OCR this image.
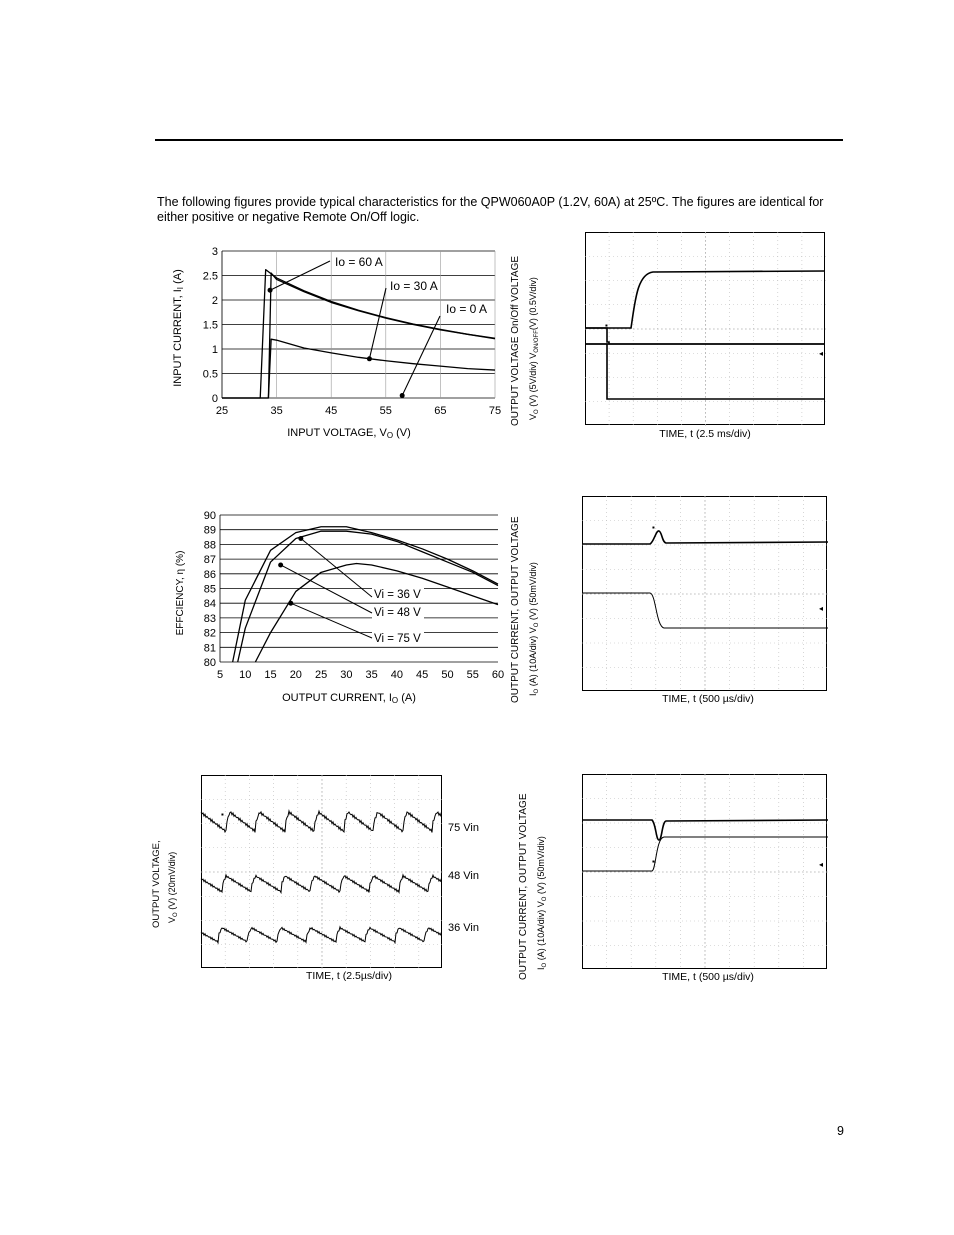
The following figures provide typical characteristics for the QPW060A0P (1.2V, 60A) at 25ºC. The figures are identical for either positive or negative Remote On/Off logic.
0
0.5
1
1.5
2
2.5
3
25	35	45	55	65	75
Io = 60 A
Io = 30 A
Io = 0 A
INPUT CURRENT, II (A)
INPUT VOLTAGE, VO (V)
80
81
82
83
84
85
86
87
88
89
90
5 10 15 20 25 30 35 40 45 50 55 60
Vi = 36 V
Vi = 48 V
Vi = 75 V
EFFCIENCY, η (%)
OUTPUT CURRENT, IO (A)
OUTPUT VOLTAGE On/Off VOLTAGE $V_O$ (V) (5V/div) $V_{ON/OFF}(V)$ (0.5V/div)	▪
◂
TIME, t (2.5 ms/div)
OUTPUT CURRENT, OUTPUT VOLTAGE $I_O$ (A) (10A/div) $V_O$ (V) (50mV/div)
▪
◂
TIME, t (500 µs/div)
OUTPUT VOLTAGE, $V_O$ (V) (20mV/div)
▪
75 Vin
48 Vin
36 Vin
TIME, t (2.5µs/div)	OUTPUT CURRENT, OUTPUT VOLTAGE $I_O$ (A) (10A/div) $V_O$ (V) (50mV/div)	▪	◂
TIME, t (500 µs/div)
9
